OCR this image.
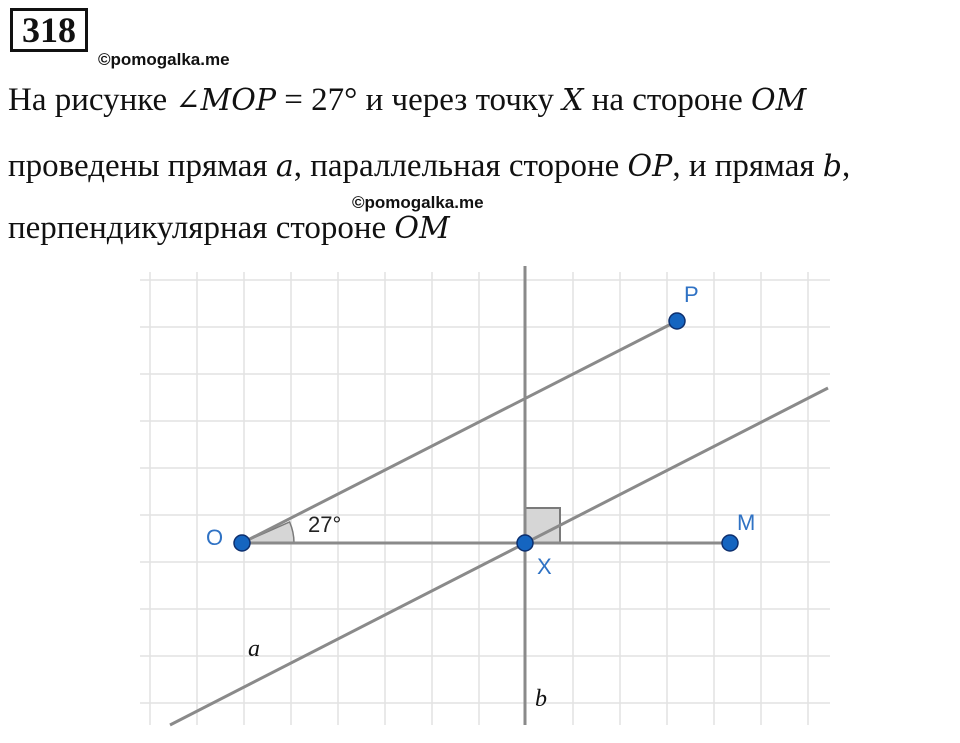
318
©pomogalka.me
На рисунке ∠MOP = 27° и через точку X на стороне OM
проведены прямая a, параллельная стороне OP, и прямая b,
©pomogalka.me
перпендикулярная стороне OM
O
P
M
X
27°
a
b
